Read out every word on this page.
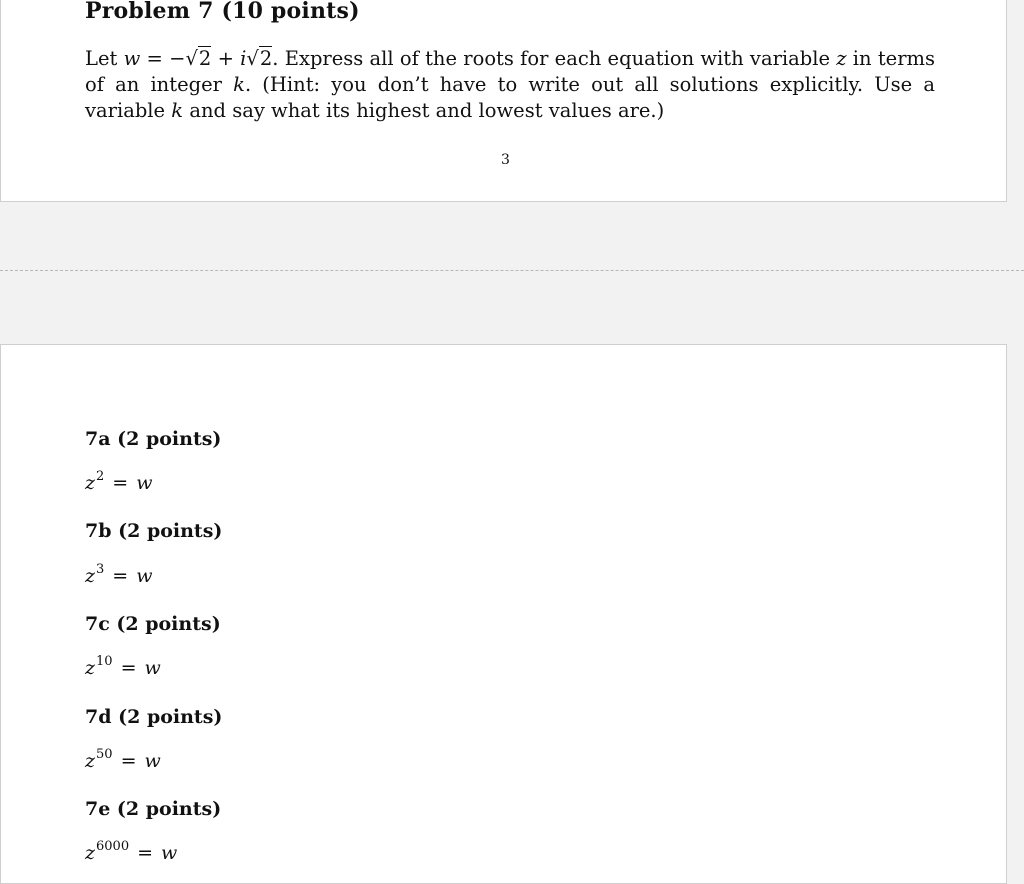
Problem 7 (10 points)
Let w = −√2 + i√2. Express all of the roots for each equation with variable z in terms of an integer k. (Hint: you don’t have to write out all solutions explicitly. Use a variable k and say what its highest and lowest values are.)
3
7a (2 points)
$z^2 = w$
7b (2 points)
$z^3 = w$
7c (2 points)
$z^{10} = w$
7d (2 points)
$z^{50} = w$
7e (2 points)
$z^{6000} = w$
